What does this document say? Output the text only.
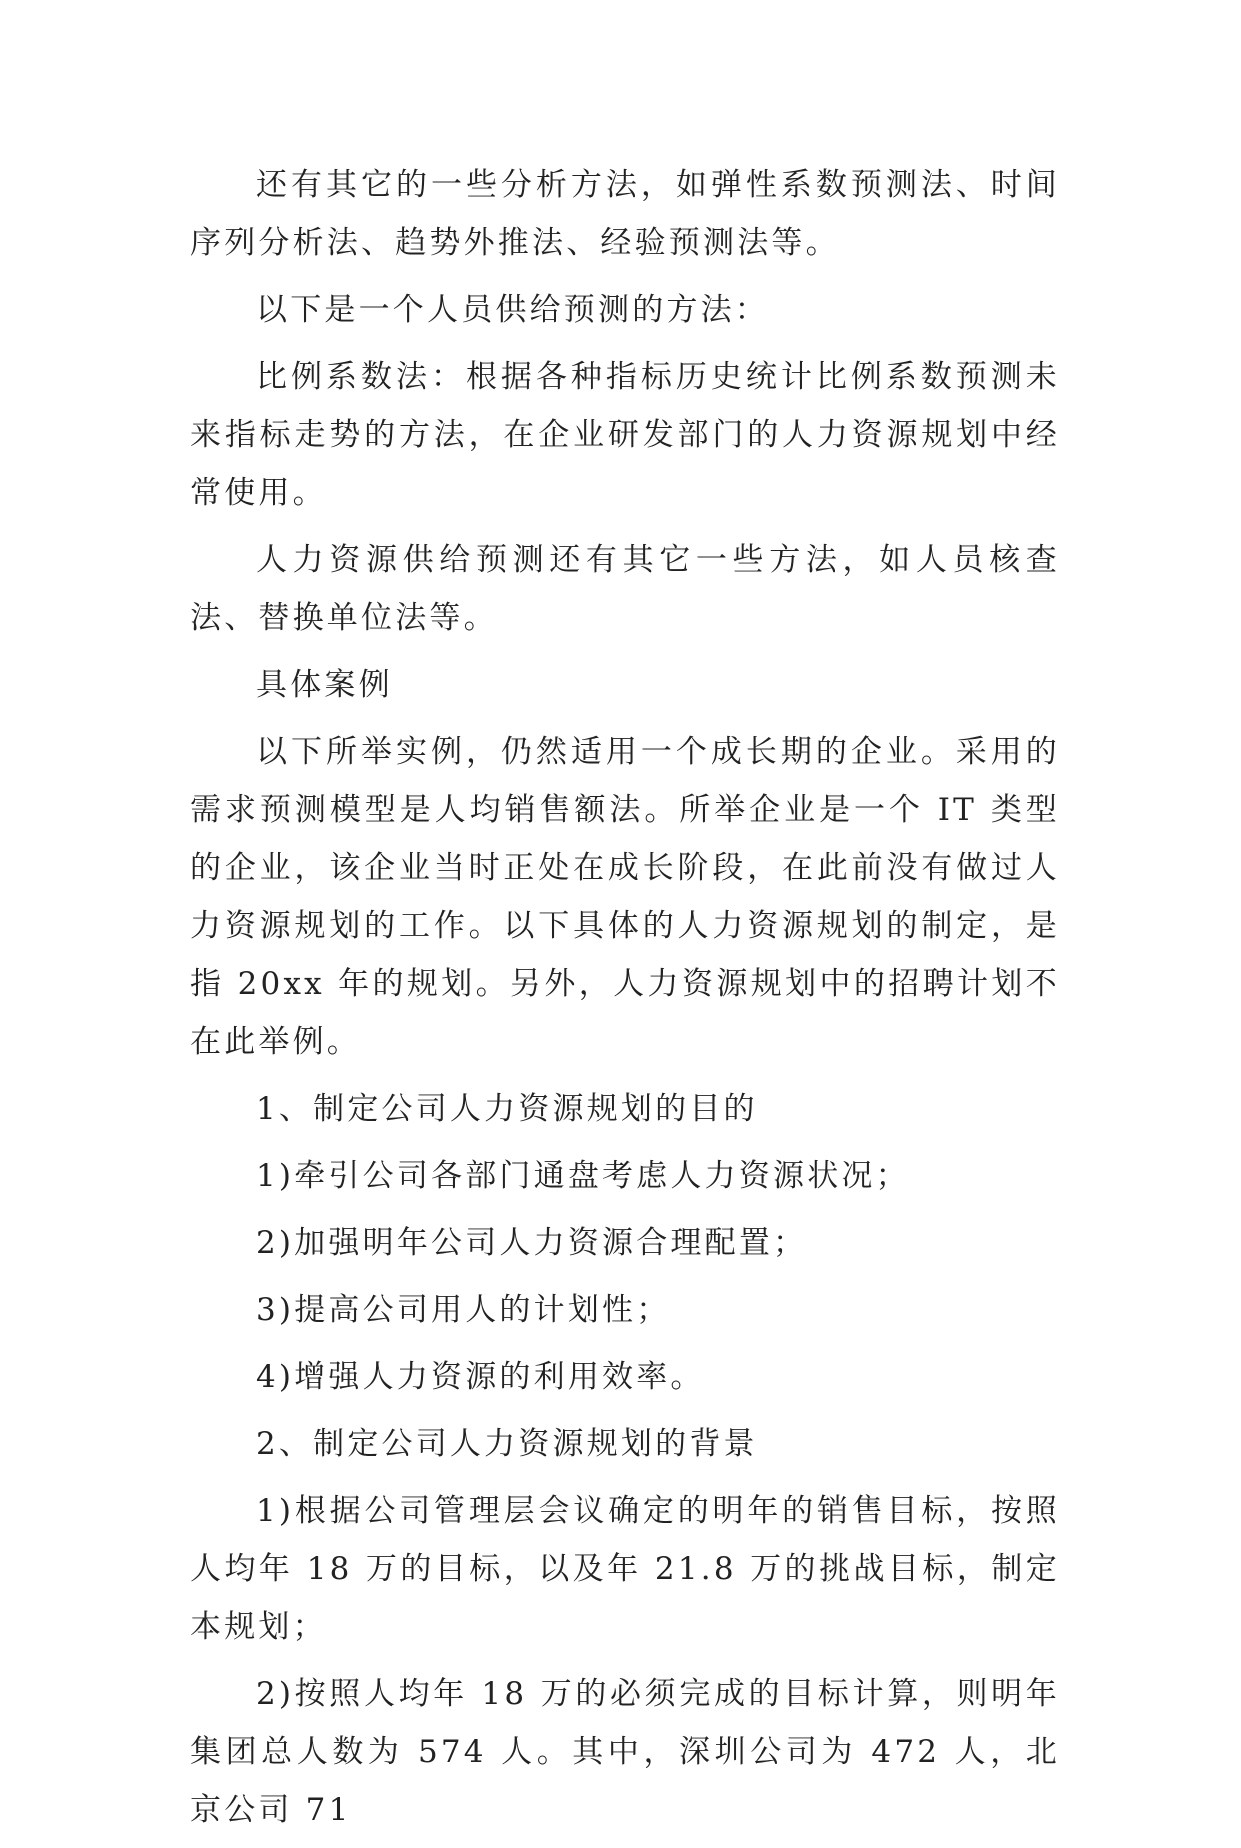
还有其它的一些分析方法，如弹性系数预测法、时间序列分析法、趋势外推法、经验预测法等。

以下是一个人员供给预测的方法：

比例系数法：根据各种指标历史统计比例系数预测未来指标走势的方法，在企业研发部门的人力资源规划中经常使用。

人力资源供给预测还有其它一些方法，如人员核查法、替换单位法等。

具体案例

以下所举实例，仍然适用一个成长期的企业。采用的需求预测模型是人均销售额法。所举企业是一个 IT 类型的企业，该企业当时正处在成长阶段，在此前没有做过人力资源规划的工作。以下具体的人力资源规划的制定，是指 20xx 年的规划。另外，人力资源规划中的招聘计划不在此举例。

1、制定公司人力资源规划的目的

1)牵引公司各部门通盘考虑人力资源状况；

2)加强明年公司人力资源合理配置；

3)提高公司用人的计划性；

4)增强人力资源的利用效率。

2、制定公司人力资源规划的背景

1)根据公司管理层会议确定的明年的销售目标，按照人均年 18 万的目标，以及年 21.8 万的挑战目标，制定本规划；

2)按照人均年 18 万的必须完成的目标计算，则明年集团总人数为 574 人。其中，深圳公司为 472 人，北京公司 71
